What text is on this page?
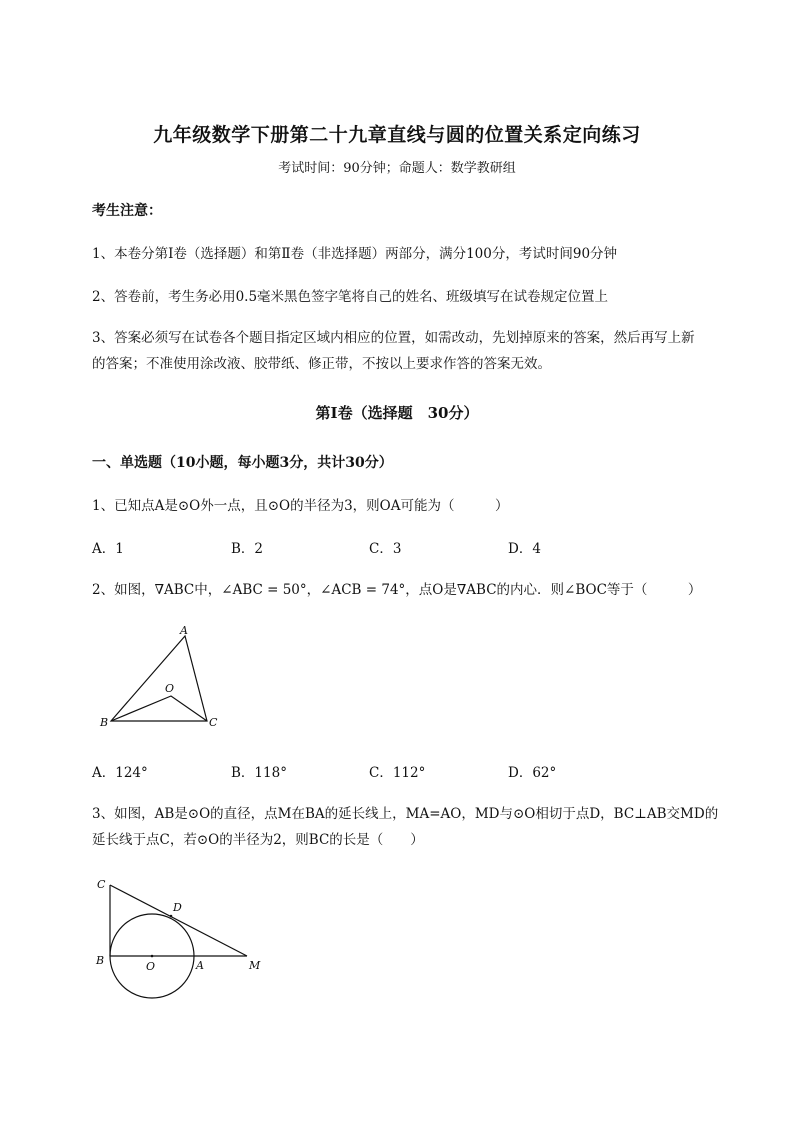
九年级数学下册第二十九章直线与圆的位置关系定向练习
考试时间：90分钟；命题人：数学教研组
考生注意：
1、本卷分第I卷（选择题）和第Ⅱ卷（非选择题）两部分，满分100分，考试时间90分钟
2、答卷前，考生务必用0.5毫米黑色签字笔将自己的姓名、班级填写在试卷规定位置上
3、答案必须写在试卷各个题目指定区域内相应的位置，如需改动，先划掉原来的答案，然后再写上新
的答案；不准使用涂改液、胶带纸、修正带，不按以上要求作答的答案无效。
第I卷（选择题　30分）
一、单选题（10小题，每小题3分，共计30分）
1、已知点A是⊙O外一点，且⊙O的半径为3，则OA可能为（　　　）
A．1	B．2	C．3	D．4
2、如图，∇ABC中，∠ABC = 50°，∠ACB = 74°，点O是∇ABC的内心．则∠BOC等于（　　　）
A
B	C
O
A．124°	B．118°	C．112°	D．62°
3、如图，AB是⊙O的直径，点M在BA的延长线上，MA=AO，MD与⊙O相切于点D，BC⊥AB交MD的
延长线于点C，若⊙O的半径为2，则BC的长是（　　）
C
D
B	O	A	M
